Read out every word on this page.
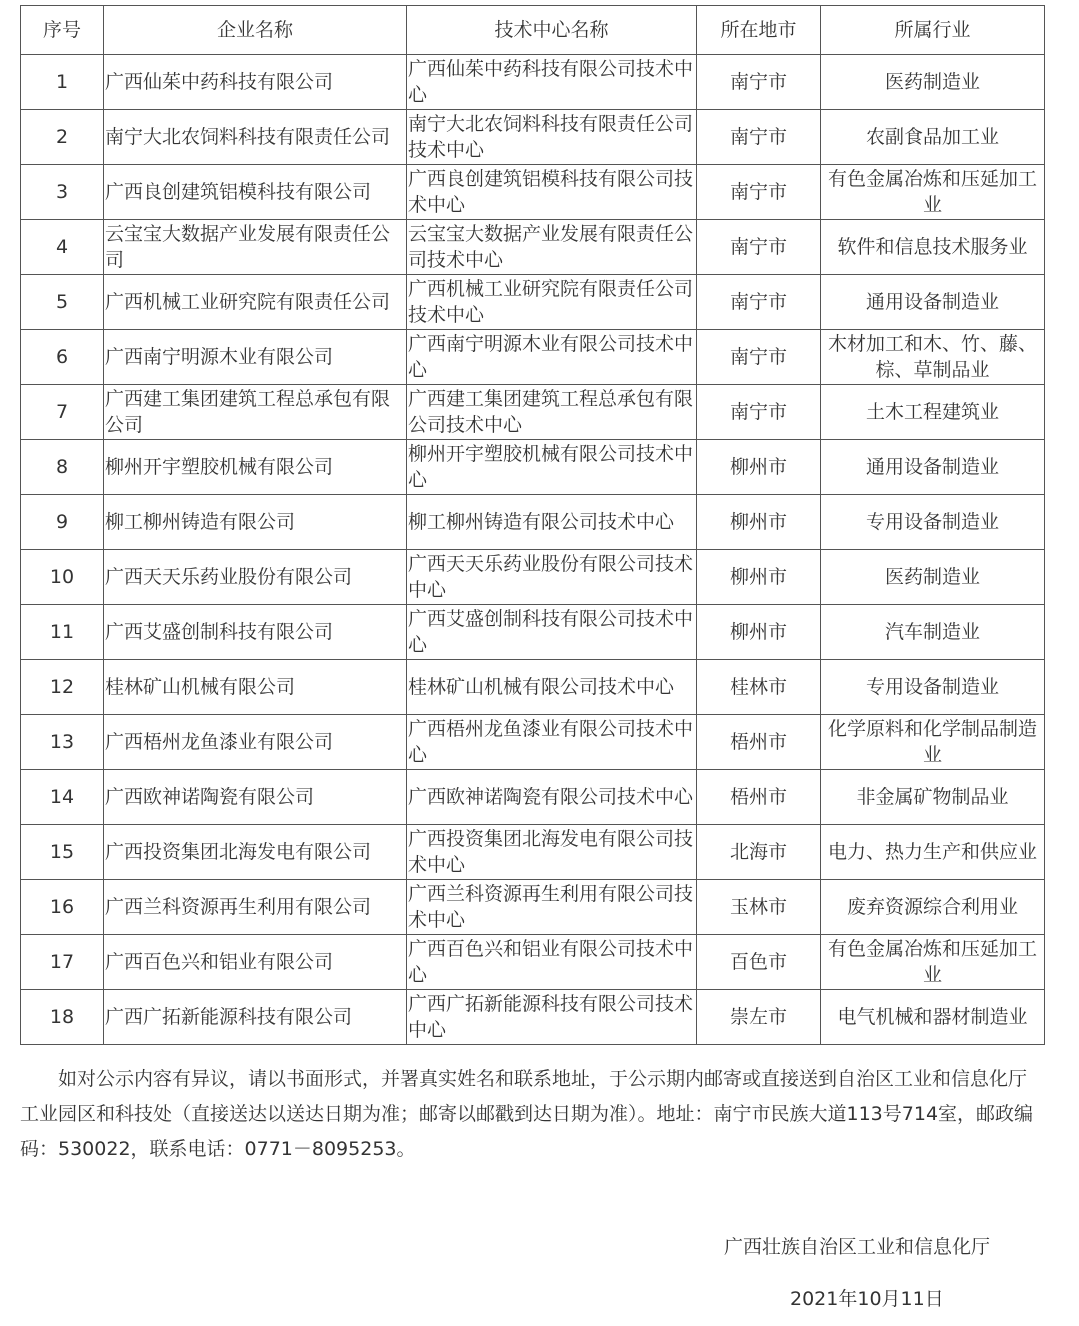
序号	企业名称	技术中心名称	所在地市	所属行业
1	广西仙茱中药科技有限公司	广西仙茱中药科技有限公司技术中心	南宁市	医药制造业
2	南宁大北农饲料科技有限责任公司	南宁大北农饲料科技有限责任公司技术中心	南宁市	农副食品加工业
3	广西良创建筑铝模科技有限公司	广西良创建筑铝模科技有限公司技术中心	南宁市	有色金属冶炼和压延加工业
4	云宝宝大数据产业发展有限责任公司	云宝宝大数据产业发展有限责任公司技术中心	南宁市	软件和信息技术服务业
5	广西机械工业研究院有限责任公司	广西机械工业研究院有限责任公司技术中心	南宁市	通用设备制造业
6	广西南宁明源木业有限公司	广西南宁明源木业有限公司技术中心	南宁市	木材加工和木、竹、藤、棕、草制品业
7	广西建工集团建筑工程总承包有限公司	广西建工集团建筑工程总承包有限公司技术中心	南宁市	土木工程建筑业
8	柳州开宇塑胶机械有限公司	柳州开宇塑胶机械有限公司技术中心	柳州市	通用设备制造业
9	柳工柳州铸造有限公司	柳工柳州铸造有限公司技术中心	柳州市	专用设备制造业
10	广西天天乐药业股份有限公司	广西天天乐药业股份有限公司技术中心	柳州市	医药制造业
11	广西艾盛创制科技有限公司	广西艾盛创制科技有限公司技术中心	柳州市	汽车制造业
12	桂林矿山机械有限公司	桂林矿山机械有限公司技术中心	桂林市	专用设备制造业
13	广西梧州龙鱼漆业有限公司	广西梧州龙鱼漆业有限公司技术中心	梧州市	化学原料和化学制品制造业
14	广西欧神诺陶瓷有限公司	广西欧神诺陶瓷有限公司技术中心	梧州市	非金属矿物制品业
15	广西投资集团北海发电有限公司	广西投资集团北海发电有限公司技术中心	北海市	电力、热力生产和供应业
16	广西兰科资源再生利用有限公司	广西兰科资源再生利用有限公司技术中心	玉林市	废弃资源综合利用业
17	广西百色兴和铝业有限公司	广西百色兴和铝业有限公司技术中心	百色市	有色金属冶炼和压延加工业
18	广西广拓新能源科技有限公司	广西广拓新能源科技有限公司技术中心	崇左市	电气机械和器材制造业

如对公示内容有异议，请以书面形式，并署真实姓名和联系地址，于公示期内邮寄或直接送到自治区工业和信息化厅工业园区和科技处（直接送达以送达日期为准；邮寄以邮戳到达日期为准）。地址：南宁市民族大道113号714室，邮政编码：530022，联系电话：0771－8095253。

广西壮族自治区工业和信息化厅

2021年10月11日
